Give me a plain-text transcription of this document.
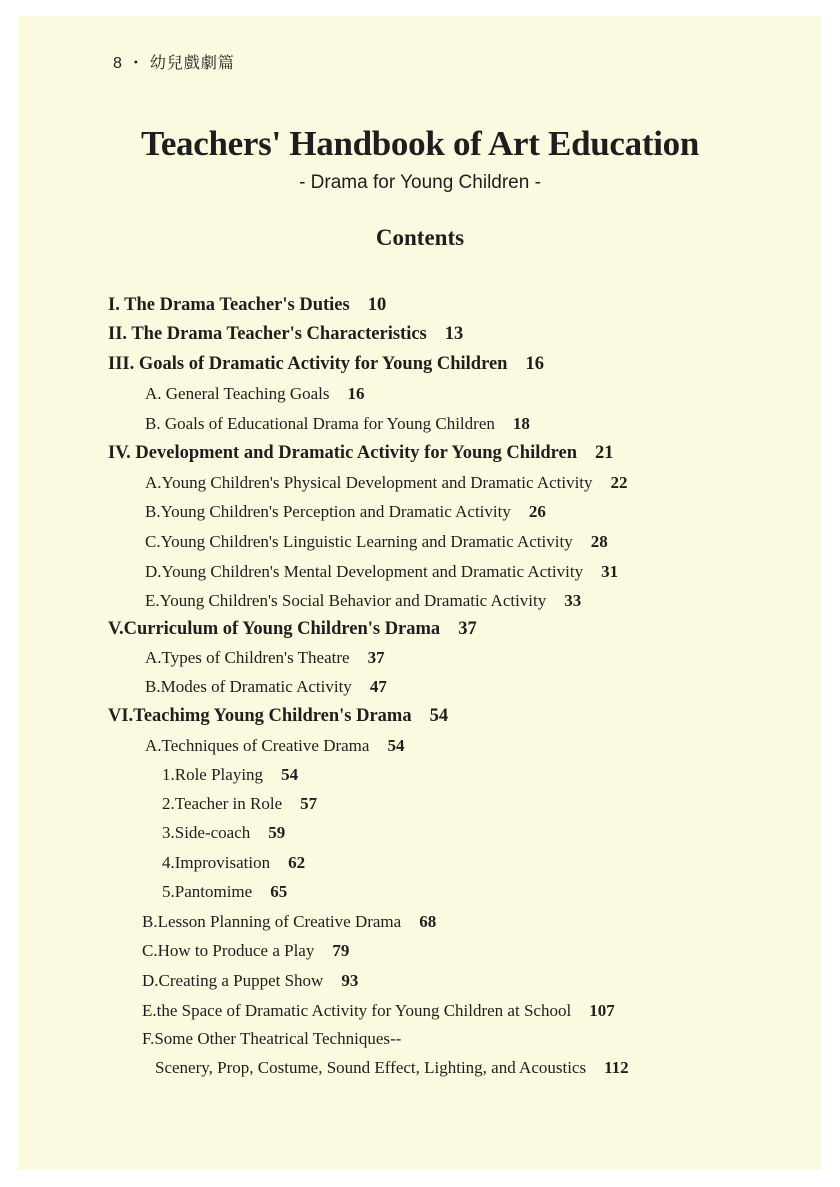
8 ・ 幼兒戲劇篇
Teachers' Handbook of Art Education
- Drama for Young Children -
Contents
I. The Drama Teacher's Duties 10
II. The Drama Teacher's Characteristics 13
III. Goals of Dramatic Activity for Young Children 16
A. General Teaching Goals 16
B. Goals of Educational Drama for Young Children 18
IV. Development and Dramatic Activity for Young Children 21
A.Young Children's Physical Development and Dramatic Activity 22
B.Young Children's Perception and Dramatic Activity 26
C.Young Children's Linguistic Learning and Dramatic Activity 28
D.Young Children's Mental Development and Dramatic Activity 31
E.Young Children's Social Behavior and Dramatic Activity 33
V.Curriculum of Young Children's Drama 37
A.Types of Children's Theatre 37
B.Modes of Dramatic Activity 47
VI.Teachimg Young Children's Drama 54
A.Techniques of Creative Drama 54
1.Role Playing 54
2.Teacher in Role 57
3.Side-coach 59
4.Improvisation 62
5.Pantomime 65
B.Lesson Planning of Creative Drama 68
C.How to Produce a Play 79
D.Creating a Puppet Show 93
E.the Space of Dramatic Activity for Young Children at School 107
F.Some Other Theatrical Techniques--
Scenery, Prop, Costume, Sound Effect, Lighting, and Acoustics 112
